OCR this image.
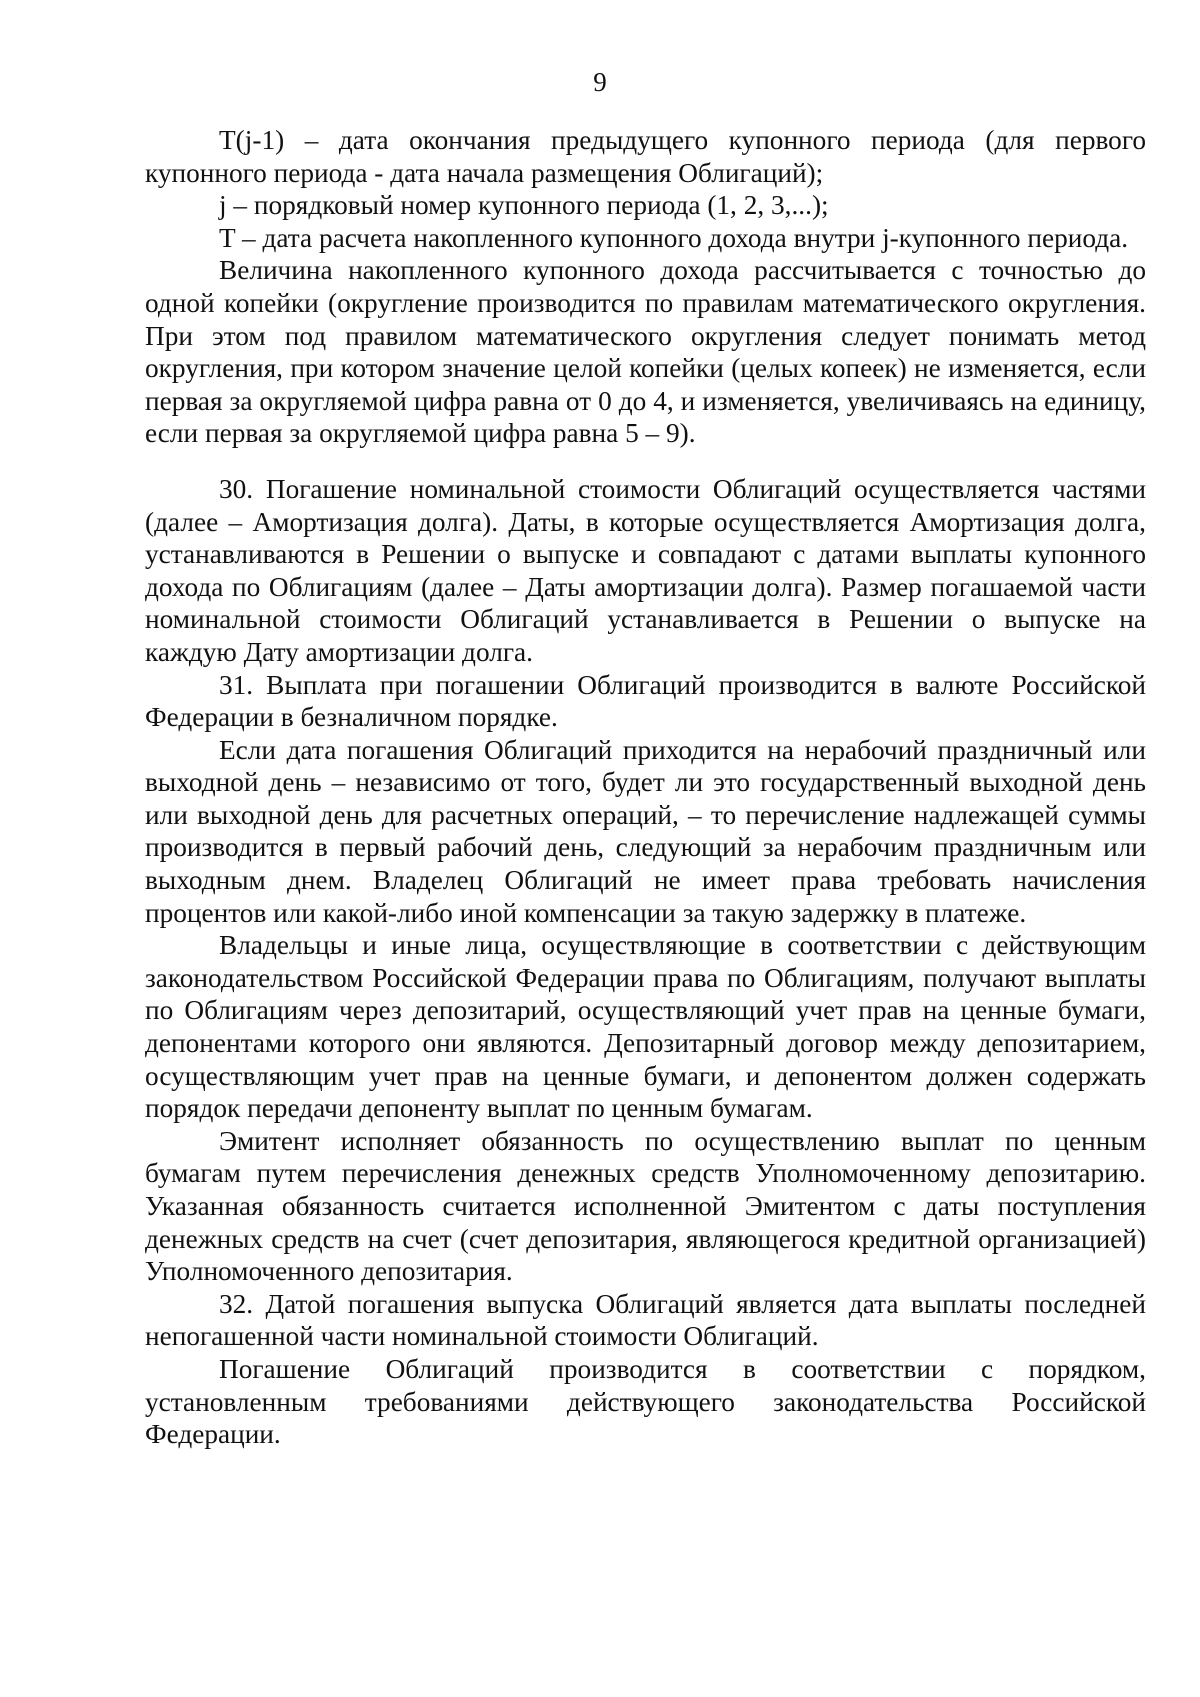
9

T(j-1) – дата окончания предыдущего купонного периода (для первого купонного периода - дата начала размещения Облигаций);

j – порядковый номер купонного периода (1, 2, 3,...);

T – дата расчета накопленного купонного дохода внутри j-купонного периода.

Величина накопленного купонного дохода рассчитывается с точностью до одной копейки (округление производится по правилам математического округления. При этом под правилом математического округления следует понимать метод округления, при котором значение целой копейки (целых копеек) не изменяется, если первая за округляемой цифра равна от 0 до 4, и изменяется, увеличиваясь на единицу, если первая за округляемой цифра равна 5 – 9).

30. Погашение номинальной стоимости Облигаций осуществляется частями (далее – Амортизация долга). Даты, в которые осуществляется Амортизация долга, устанавливаются в Решении о выпуске и совпадают с датами выплаты купонного дохода по Облигациям (далее – Даты амортизации долга). Размер погашаемой части номинальной стоимости Облигаций устанавливается в Решении о выпуске на каждую Дату амортизации долга.

31. Выплата при погашении Облигаций производится в валюте Российской Федерации в безналичном порядке.

Если дата погашения Облигаций приходится на нерабочий праздничный или выходной день – независимо от того, будет ли это государственный выходной день или выходной день для расчетных операций, – то перечисление надлежащей суммы производится в первый рабочий день, следующий за нерабочим праздничным или выходным днем. Владелец Облигаций не имеет права требовать начисления процентов или какой-либо иной компенсации за такую задержку в платеже.

Владельцы и иные лица, осуществляющие в соответствии с действующим законодательством Российской Федерации права по Облигациям, получают выплаты по Облигациям через депозитарий, осуществляющий учет прав на ценные бумаги, депонентами которого они являются. Депозитарный договор между депозитарием, осуществляющим учет прав на ценные бумаги, и депонентом должен содержать порядок передачи депоненту выплат по ценным бумагам.

Эмитент исполняет обязанность по осуществлению выплат по ценным бумагам путем перечисления денежных средств Уполномоченному депозитарию. Указанная обязанность считается исполненной Эмитентом с даты поступления денежных средств на счет (счет депозитария, являющегося кредитной организацией) Уполномоченного депозитария.

32. Датой погашения выпуска Облигаций является дата выплаты последней непогашенной части номинальной стоимости Облигаций.

Погашение Облигаций производится в соответствии с порядком, установленным требованиями действующего законодательства Российской Федерации.
